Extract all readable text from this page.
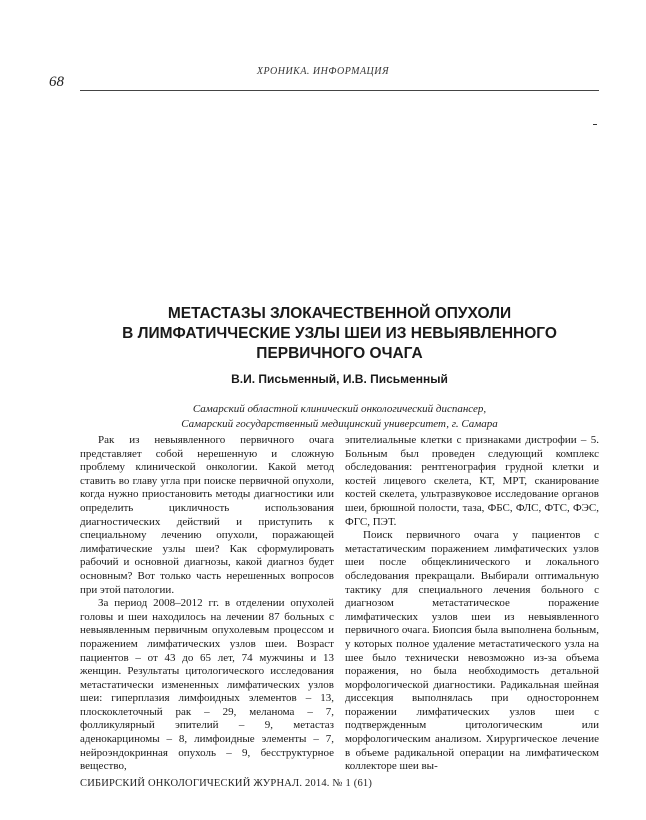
ХРОНИКА. ИНФОРМАЦИЯ
68
МЕТАСТАЗЫ ЗЛОКАЧЕСТВЕННОЙ ОПУХОЛИ
В ЛИМФАТИЧЧЕСКИЕ УЗЛЫ ШЕИ ИЗ НЕВЫЯВЛЕННОГО
ПЕРВИЧНОГО ОЧАГА
В.И. Письменный, И.В. Письменный
Самарский областной клинический онкологический диспансер,
Самарский государственный медицинский университет, г. Самара

Рак из невыявленного первичного очага представляет собой нерешенную и сложную проблему клинической онкологии. Какой метод ставить во главу угла при поиске первичной опухоли, когда нужно приостановить методы диагностики или определить цикличность использования диагностических действий и приступить к специальному лечению опухоли, поражающей лимфатические узлы шеи? Как сформулировать рабочий и основной диагнозы, какой диагноз будет основным? Вот только часть нерешенных вопросов при этой патологии.

За период 2008–2012 гг. в отделении опухолей головы и шеи находилось на лечении 87 больных с невыявленным первичным опухолевым процессом и поражением лимфатических узлов шеи. Возраст пациентов – от 43 до 65 лет, 74 мужчины и 13 женщин. Результаты цитологического исследования метастатически измененных лимфатических узлов шеи: гиперплазия лимфоидных элементов – 13, плоскоклеточный рак – 29, меланома – 7, фолликулярный эпителий – 9, метастаз аденокарциномы – 8, лимфоидные элементы – 7, нейроэндокринная опухоль – 9, бесструктурное вещество,

эпителиальные клетки с признаками дистрофии – 5. Больным был проведен следующий комплекс обследования: рентгенография грудной клетки и костей лицевого скелета, КТ, МРТ, сканирование костей скелета, ультразвуковое исследование органов шеи, брюшной полости, таза, ФБС, ФЛС, ФТС, ФЭС, ФГС, ПЭТ.

Поиск первичного очага у пациентов с метастатическим поражением лимфатических узлов шеи после общеклинического и локального обследования прекращали. Выбирали оптимальную тактику для специального лечения больного с диагнозом метастатическое поражение лимфатических узлов шеи из невыявленного первичного очага. Биопсия была выполнена больным, у которых полное удаление метастатического узла на шее было технически невозможно из-за объема поражения, но была необходимость детальной морфологической диагностики. Радикальная шейная диссекция выполнялась при одностороннем поражении лимфатических узлов шеи с подтвержденным цитологическим или морфологическим анализом. Хирургическое лечение в объеме радикальной операции на лимфатическом коллекторе шеи вы-

СИБИРСКИЙ ОНКОЛОГИЧЕСКИЙ ЖУРНАЛ. 2014. № 1 (61)
